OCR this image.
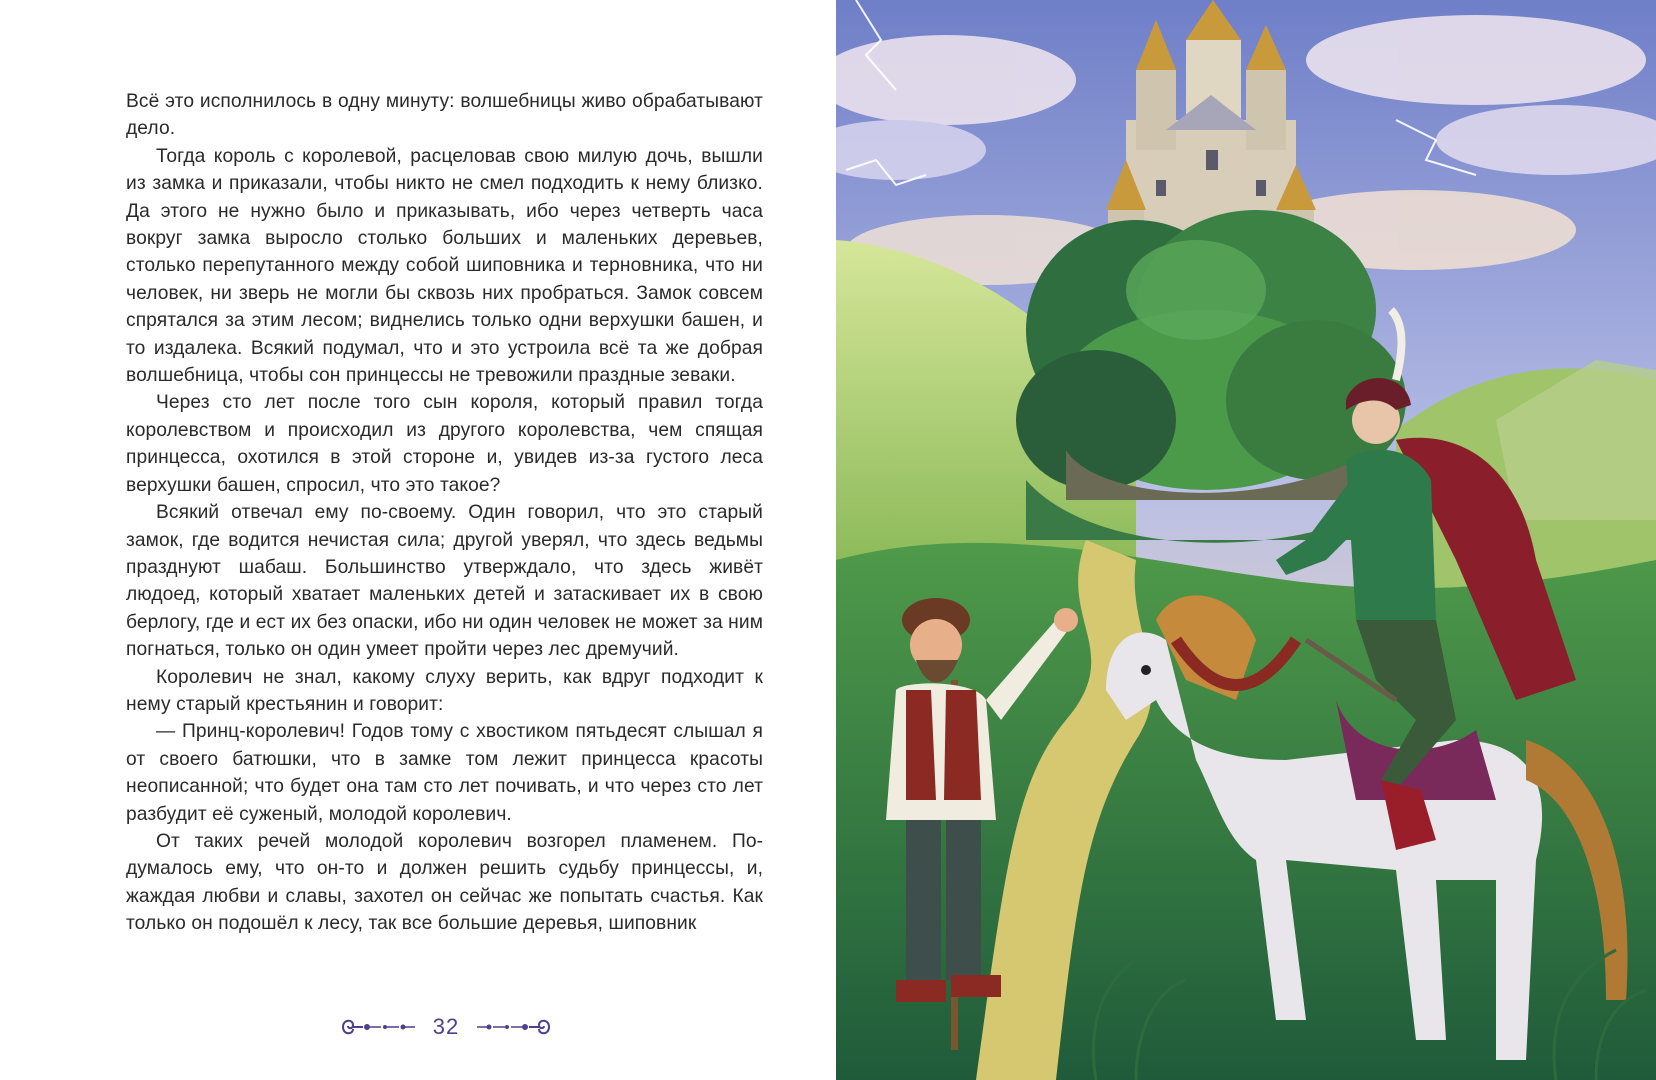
Всё это исполнилось в одну минуту: волшебницы живо обрабатывают дело.

Тогда король с королевой, расцеловав свою милую дочь, вышли из замка и приказали, чтобы никто не смел подходить к нему близко. Да этого не нужно было и приказывать, ибо через четверть часа вокруг замка выросло столько больших и маленьких деревьев, столько перепутанного между собой шиповника и терновника, что ни человек, ни зверь не могли бы сквозь них пробраться. Замок совсем спрятался за этим лесом; виднелись только одни верхушки башен, и то издалека. Всякий подумал, что и это устроила всё та же добрая волшебница, чтобы сон принцессы не тревожили праздные зеваки.

Через сто лет после того сын короля, который правил тогда королевством и происходил из другого королевства, чем спящая принцесса, охотился в этой стороне и, увидев из-за густого леса верхушки башен, спросил, что это такое?

Всякий отвечал ему по-своему. Один говорил, что это старый замок, где водится нечистая сила; другой уверял, что здесь ведьмы празднуют шабаш. Большинство утверждало, что здесь живёт людоед, который хватает маленьких детей и затаскивает их в свою берлогу, где и ест их без опаски, ибо ни один человек не может за ним погнаться, только он один умеет пройти через лес дремучий.

Королевич не знал, какому слуху верить, как вдруг подходит к нему старый крестьянин и говорит:

— Принц-королевич! Годов тому с хвостиком пятьдесят слышал я от своего батюшки, что в замке том лежит принцесса красоты неописанной; что будет она там сто лет почивать, и что через сто лет разбудит её суженый, молодой королевич.

От таких речей молодой королевич возгорел пламенем. Подумалось ему, что он-то и должен решить судьбу принцессы, и, жаждая любви и славы, захотел он сейчас же попытать счастья. Как только он подошёл к лесу, так все большие деревья, шиповник

32
